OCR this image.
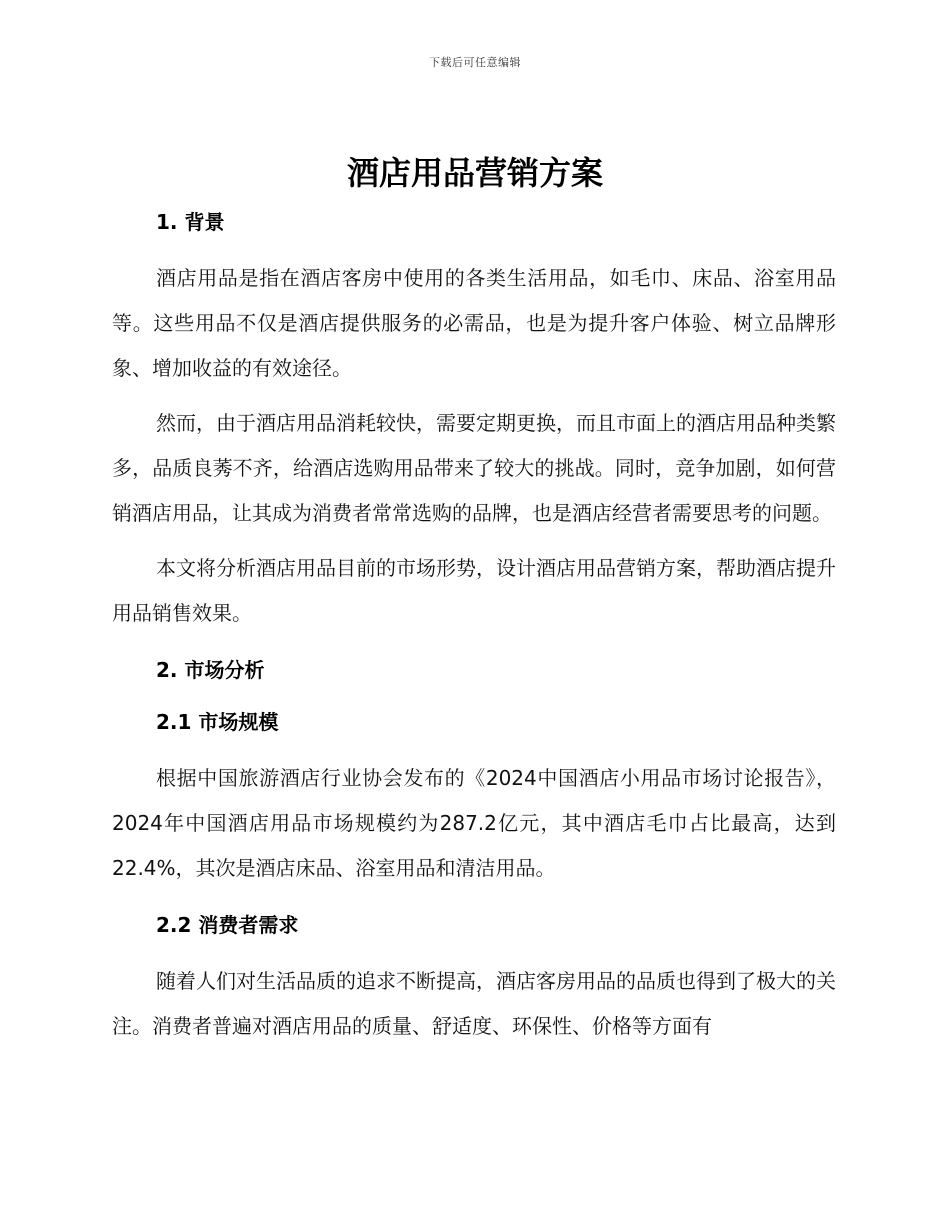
下载后可任意编辑
酒店用品营销方案
1. 背景

酒店用品是指在酒店客房中使用的各类生活用品，如毛巾、床品、浴室用品等。这些用品不仅是酒店提供服务的必需品，也是为提升客户体验、树立品牌形象、增加收益的有效途径。

然而，由于酒店用品消耗较快，需要定期更换，而且市面上的酒店用品种类繁多，品质良莠不齐，给酒店选购用品带来了较大的挑战。同时，竞争加剧，如何营销酒店用品，让其成为消费者常常选购的品牌，也是酒店经营者需要思考的问题。

本文将分析酒店用品目前的市场形势，设计酒店用品营销方案，帮助酒店提升用品销售效果。

2. 市场分析
2.1 市场规模

根据中国旅游酒店行业协会发布的《2024中国酒店小用品市场讨论报告》，2024年中国酒店用品市场规模约为287.2亿元，其中酒店毛巾占比最高，达到22.4%，其次是酒店床品、浴室用品和清洁用品。

2.2 消费者需求

随着人们对生活品质的追求不断提高，酒店客房用品的品质也得到了极大的关注。消费者普遍对酒店用品的质量、舒适度、环保性、价格等方面有
